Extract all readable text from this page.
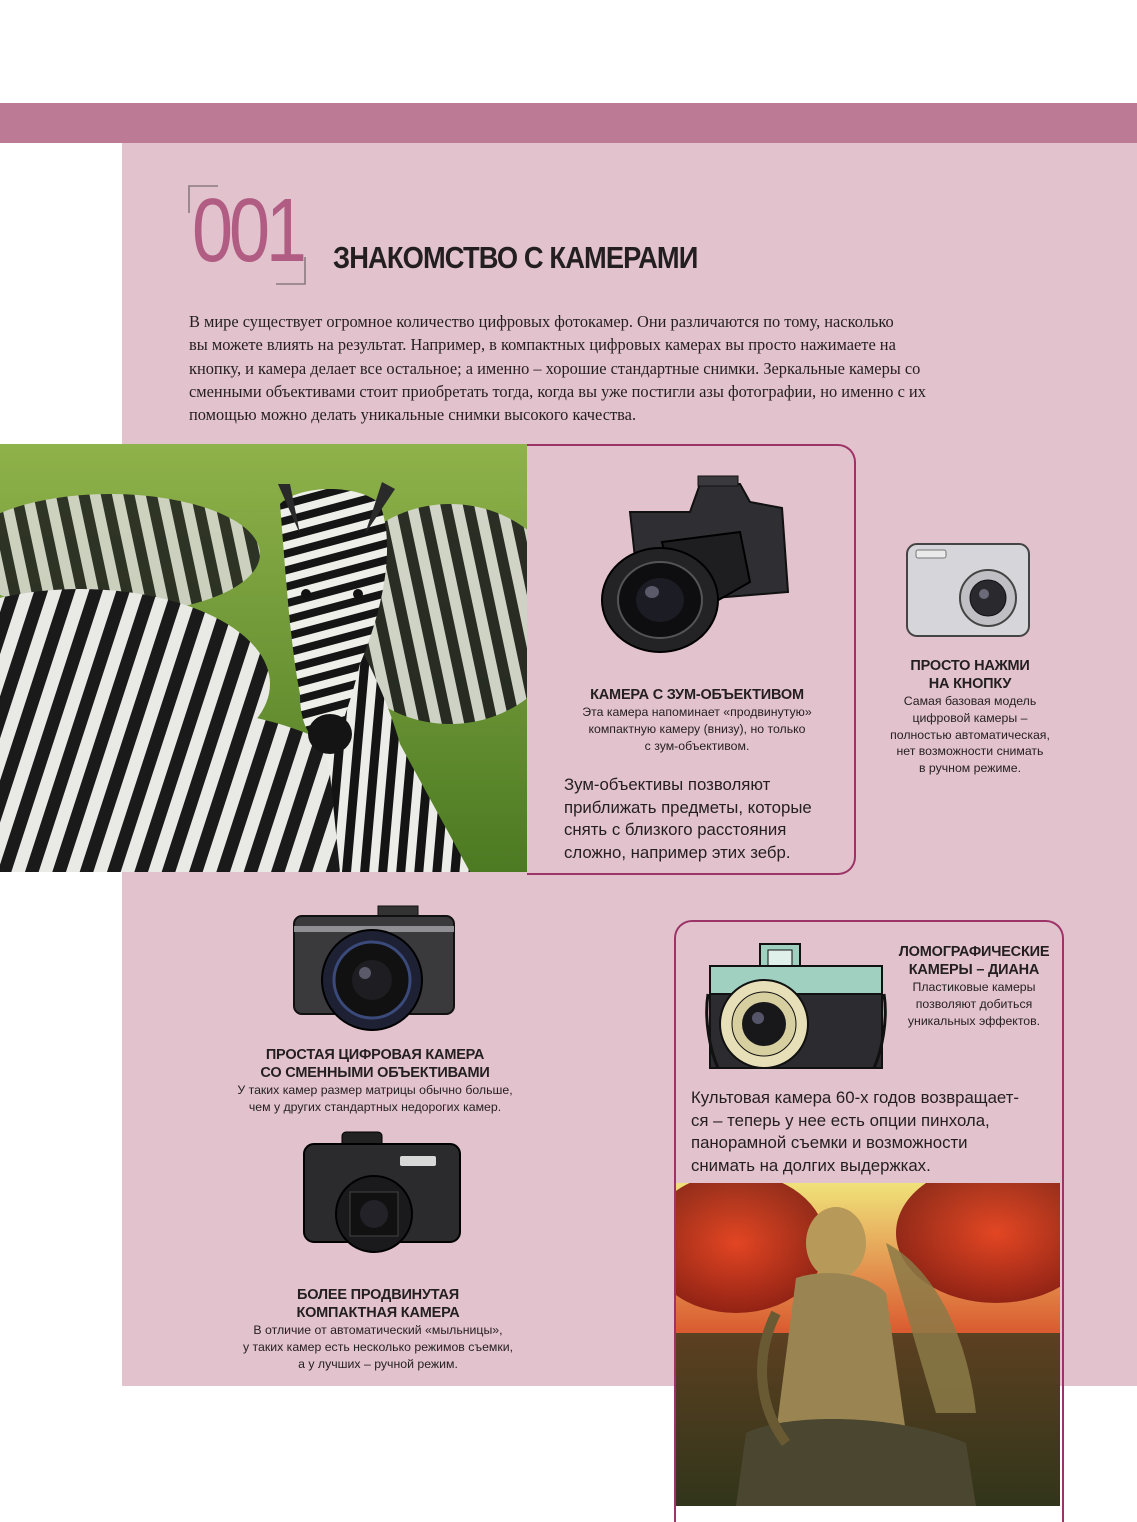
001 ЗНАКОМСТВО С КАМЕРАМИ

В мире существует огромное количество цифровых фотокамер. Они различаются по тому, насколько

вы можете влиять на результат. Например, в компактных цифровых камерах вы просто нажимаете на

кнопку, и камера делает все остальное; а именно – хорошие стандартные снимки. Зеркальные камеры со

сменными объективами стоит приобретать тогда, когда вы уже постигли азы фотографии, но именно с их

помощью можно делать уникальные снимки высокого качества.

КАМЕРА С ЗУМ-ОБЪЕКТИВОМ
Эта камера напоминает «продвинутую»
компактную камеру (внизу), но только
с зум-объективом.
Зум-объективы позволяют
приближать предметы, которые
снять с близкого расстояния
сложно, например этих зебр.
ПРОСТО НАЖМИ
НА КНОПКУ
Самая базовая модель
цифровой камеры –
полностью автоматическая,
нет возможности снимать
в ручном режиме.
ПРОСТАЯ ЦИФРОВАЯ КАМЕРА
СО СМЕННЫМИ ОБЪЕКТИВАМИ
У таких камер размер матрицы обычно больше,
чем у других стандартных недорогих камер.
БОЛЕЕ ПРОДВИНУТАЯ
КОМПАКТНАЯ КАМЕРА
В отличие от автоматический «мыльницы»,
у таких камер есть несколько режимов съемки,
а у лучших – ручной режим.
ЛОМОГРАФИЧЕСКИЕ
КАМЕРЫ – ДИАНА
Пластиковые камеры
позволяют добиться
уникальных эффектов.
Культовая камера 60-х годов возвращает-
ся – теперь у нее есть опции пинхола,
панорамной съемки и возможности
снимать на долгих выдержках.
